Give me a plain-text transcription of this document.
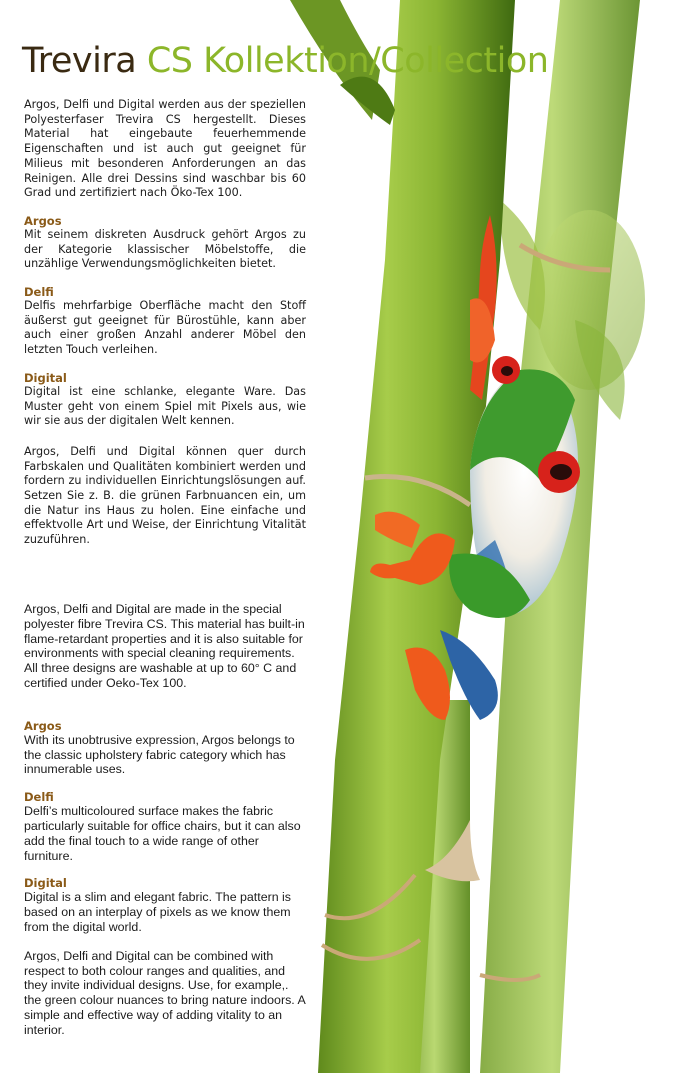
Trevira CS Kollektion/Collection

Argos, Delfi und Digital werden aus der speziellen Polyesterfaser Trevira CS hergestellt. Dieses Material hat eingebaute feuerhemmende Eigenschaften und ist auch gut geeignet für Milieus mit besonderen Anforderungen an das Reinigen. Alle drei Dessins sind waschbar bis 60 Grad und zertifiziert nach Öko-Tex 100.

Argos

Mit seinem diskreten Ausdruck gehört Argos zu der Kategorie klassischer Möbelstoffe, die unzählige Verwendungsmöglichkeiten bietet.

Delfi

Delfis mehrfarbige Oberfläche macht den Stoff äußerst gut geeignet für Bürostühle, kann aber auch einer großen Anzahl anderer Möbel den letzten Touch verleihen.

Digital

Digital ist eine schlanke, elegante Ware. Das Muster geht von einem Spiel mit Pixels aus, wie wir sie aus der digitalen Welt kennen.

Argos, Delfi und Digital können quer durch Farbskalen und Qualitäten kombiniert werden und fordern zu individuellen Einrichtungslösungen auf. Setzen Sie z. B. die grünen Farbnuancen ein, um die Natur ins Haus zu holen. Eine einfache und effektvolle Art und Weise, der Einrichtung Vitalität zuzuführen.

Argos, Delfi and Digital are made in the special polyester fibre Trevira CS. This material has built-in flame-retardant properties and it is also suitable for environments with special cleaning requirements. All three designs are washable at up to 60° C and certified under Oeko-Tex 100.

Argos

With its unobtrusive expression, Argos belongs to the classic upholstery fabric category which has innumerable uses.

Delfi

Delfi’s multicoloured surface makes the fabric particularly suitable for office chairs, but it can also add the final touch to a wide range of other furniture.

Digital

Digital is a slim and elegant fabric. The pattern is based on an interplay of pixels as we know them from the digital world.

Argos, Delfi and Digital can be combined with respect to both colour ranges and qualities, and they invite individual designs. Use, for example,. the green colour nuances to bring nature indoors. A simple and effective way of adding vitality to an interior.
